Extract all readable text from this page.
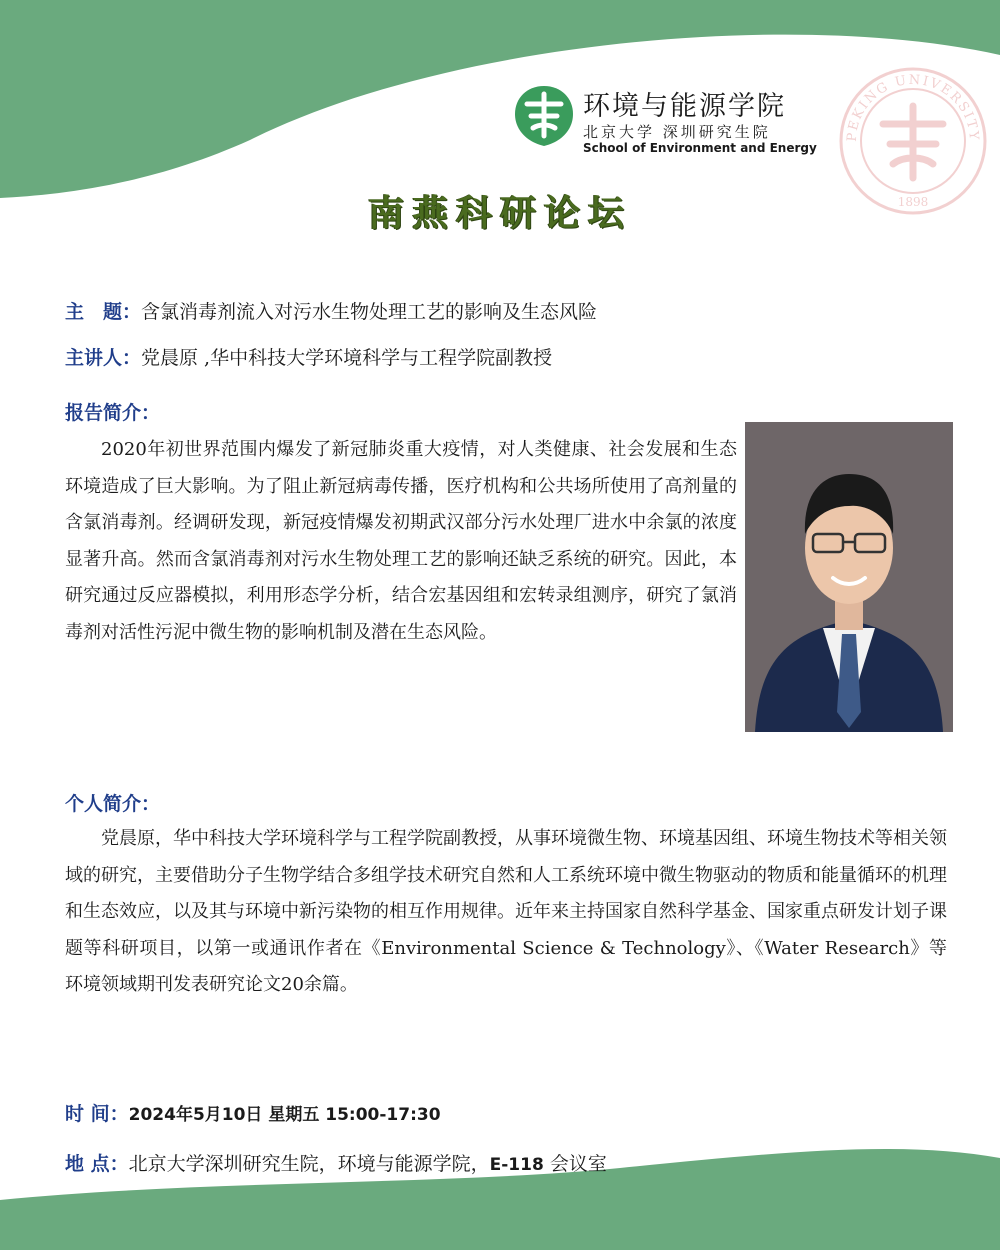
环境与能源学院
北京大学 深圳研究生院
School of Environment and Energy
PEKING UNIVERSITY
1898
南燕科研论坛
主　题：含氯消毒剂流入对污水生物处理工艺的影响及生态风险
主讲人：党晨原 ,华中科技大学环境科学与工程学院副教授
报告简介：

2020年初世界范围内爆发了新冠肺炎重大疫情，对人类健康、社会发展和生态环境造成了巨大影响。为了阻止新冠病毒传播，医疗机构和公共场所使用了高剂量的含氯消毒剂。经调研发现，新冠疫情爆发初期武汉部分污水处理厂进水中余氯的浓度显著升高。然而含氯消毒剂对污水生物处理工艺的影响还缺乏系统的研究。因此，本研究通过反应器模拟，利用形态学分析，结合宏基因组和宏转录组测序，研究了氯消毒剂对活性污泥中微生物的影响机制及潜在生态风险。

个人简介：

党晨原，华中科技大学环境科学与工程学院副教授，从事环境微生物、环境基因组、环境生物技术等相关领域的研究，主要借助分子生物学结合多组学技术研究自然和人工系统环境中微生物驱动的物质和能量循环的机理和生态效应，以及其与环境中新污染物的相互作用规律。近年来主持国家自然科学基金、国家重点研发计划子课题等科研项目，以第一或通讯作者在《Environmental Science & Technology》、《Water Research》等环境领域期刊发表研究论文20余篇。

时 间：2024年5月10日 星期五 15:00-17:30
地 点：北京大学深圳研究生院，环境与能源学院，E-118 会议室
